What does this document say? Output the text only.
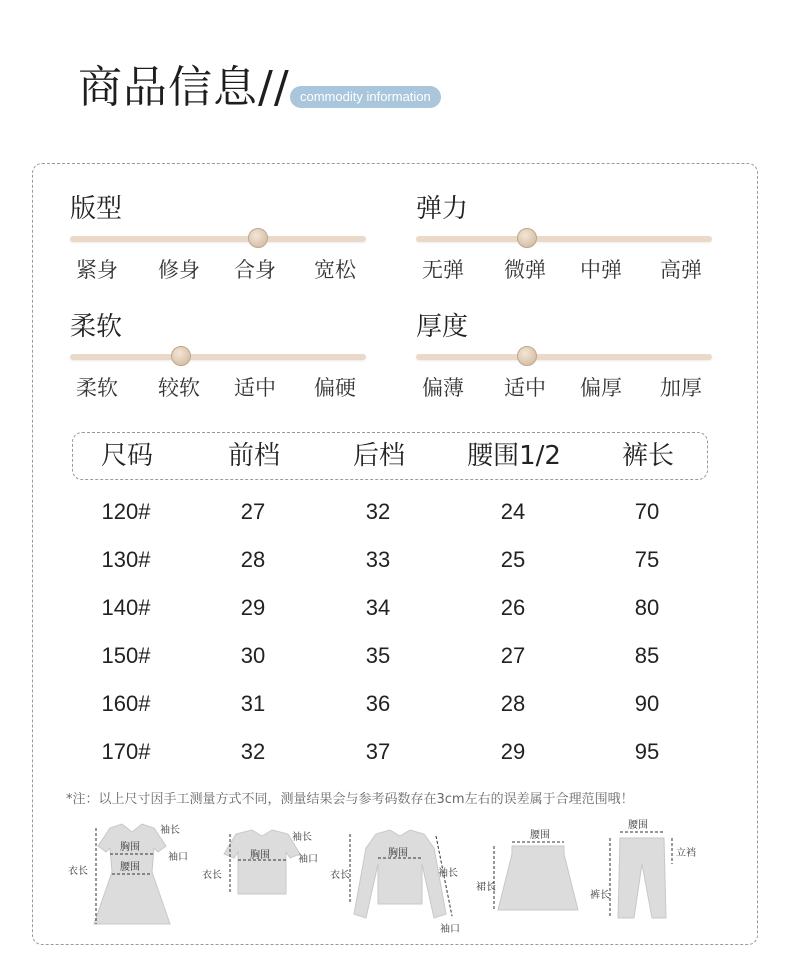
商品信息// commodity information
版型
紧身 修身 合身 宽松
弹力
无弹 微弹 中弹 高弹
柔软
柔软 较软 适中 偏硬
厚度
偏薄 适中 偏厚 加厚
尺码	前档	后档 腰围1/2 裤长
120#	27	32	24	70
130#	28	33	25	75
140#	29	34	26	80
150#	30	35	27	85
160#	31	36	28	90
170#	32	37	29	95
*注：以上尺寸因手工测量方式不同，测量结果会与参考码数存在3cm左右的误差属于合理范围哦！
袖长
胸围
袖口
衣长	腰围
袖长
胸围	袖口
衣长
胸围
袖长
衣长
袖口
腰围
裙长
腰围
立裆
裤长
